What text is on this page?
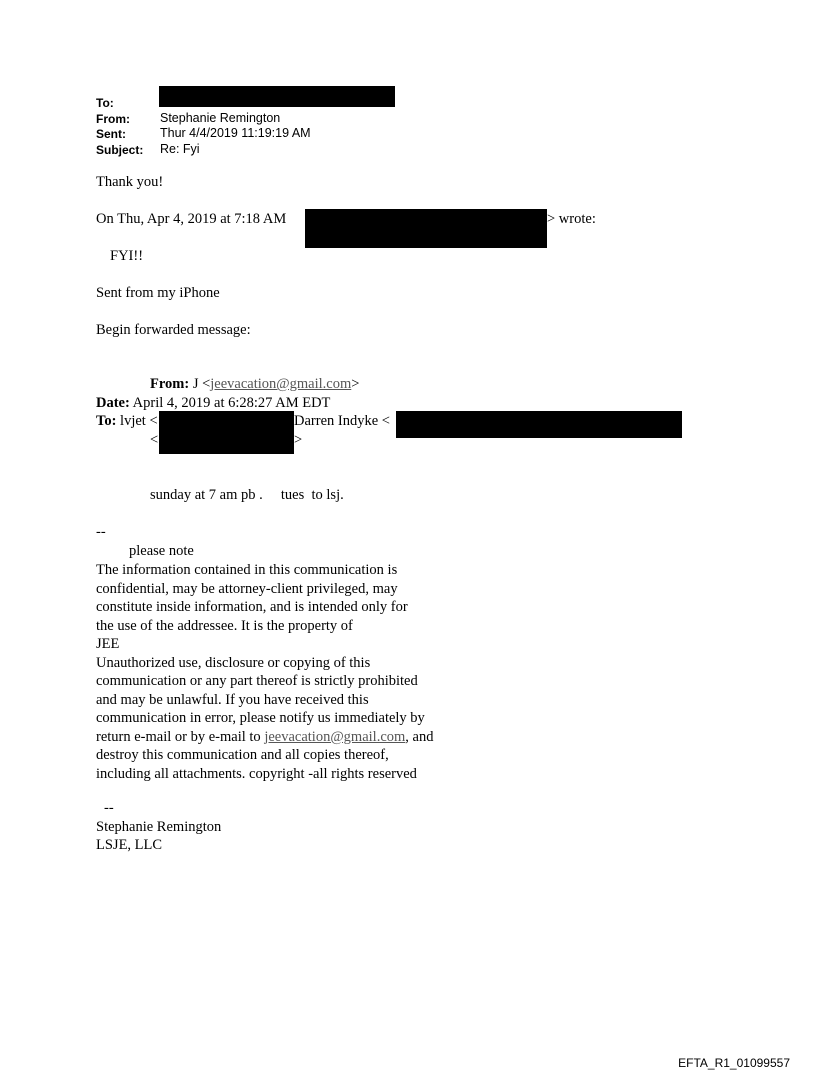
To:
From: Stephanie Remington
Sent:	Thur 4/4/2019 11:19:19 AM
Subject: Re: Fyi
Thank you!
On Thu, Apr 4, 2019 at 7:18 AM	> wrote:
FYI!!
Sent from my iPhone
Begin forwarded message:
From: J <jeevacation@gmail.com>
Date: April 4, 2019 at 6:28:27 AM EDT
To: lvjet <	Darren Indyke <
<	>
sunday at 7 am pb .     tues  to lsj.
--
please note
The information contained in this communication is
confidential, may be attorney-client privileged, may
constitute inside information, and is intended only for
the use of the addressee. It is the property of
JEE
Unauthorized use, disclosure or copying of this
communication or any part thereof is strictly prohibited
and may be unlawful. If you have received this
communication in error, please notify us immediately by
return e-mail or by e-mail to jeevacation@gmail.com, and
destroy this communication and all copies thereof,
including all attachments. copyright -all rights reserved
--
Stephanie Remington
LSJE, LLC
EFTA_R1_01099557
